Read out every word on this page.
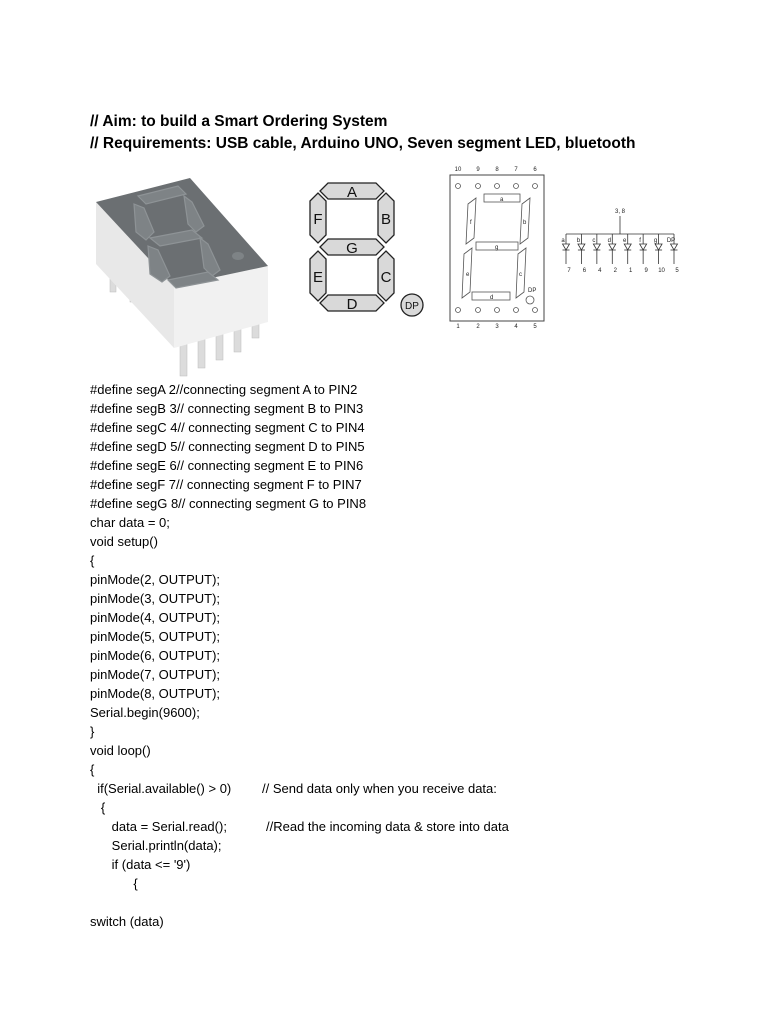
// Aim: to build a Smart Ordering System
// Requirements: USB cable, Arduino UNO, Seven segment LED, bluetooth
A
F	B
G
E	C
D	DP
10 9	8	7	6
1	2	3	4	5
a
b
c
d
e
f
g
DP
3, 8
a
7
b
6
c
4
d
2
e
1
f
9
g
10
DP
5
#define segA 2//connecting segment A to PIN2
#define segB 3// connecting segment B to PIN3
#define segC 4// connecting segment C to PIN4
#define segD 5// connecting segment D to PIN5
#define segE 6// connecting segment E to PIN6
#define segF 7// connecting segment F to PIN7
#define segG 8// connecting segment G to PIN8
char data = 0;
void setup()
{
pinMode(2, OUTPUT);
pinMode(3, OUTPUT);
pinMode(4, OUTPUT);
pinMode(5, OUTPUT);
pinMode(6, OUTPUT);
pinMode(7, OUTPUT);
pinMode(8, OUTPUT);
Serial.begin(9600);
}
void loop()
{
if(Serial.available() > 0) // Send data only when you receive data:
{
data = Serial.read();	//Read the incoming data & store into data
Serial.println(data);
if (data <= '9')
{
switch (data)
